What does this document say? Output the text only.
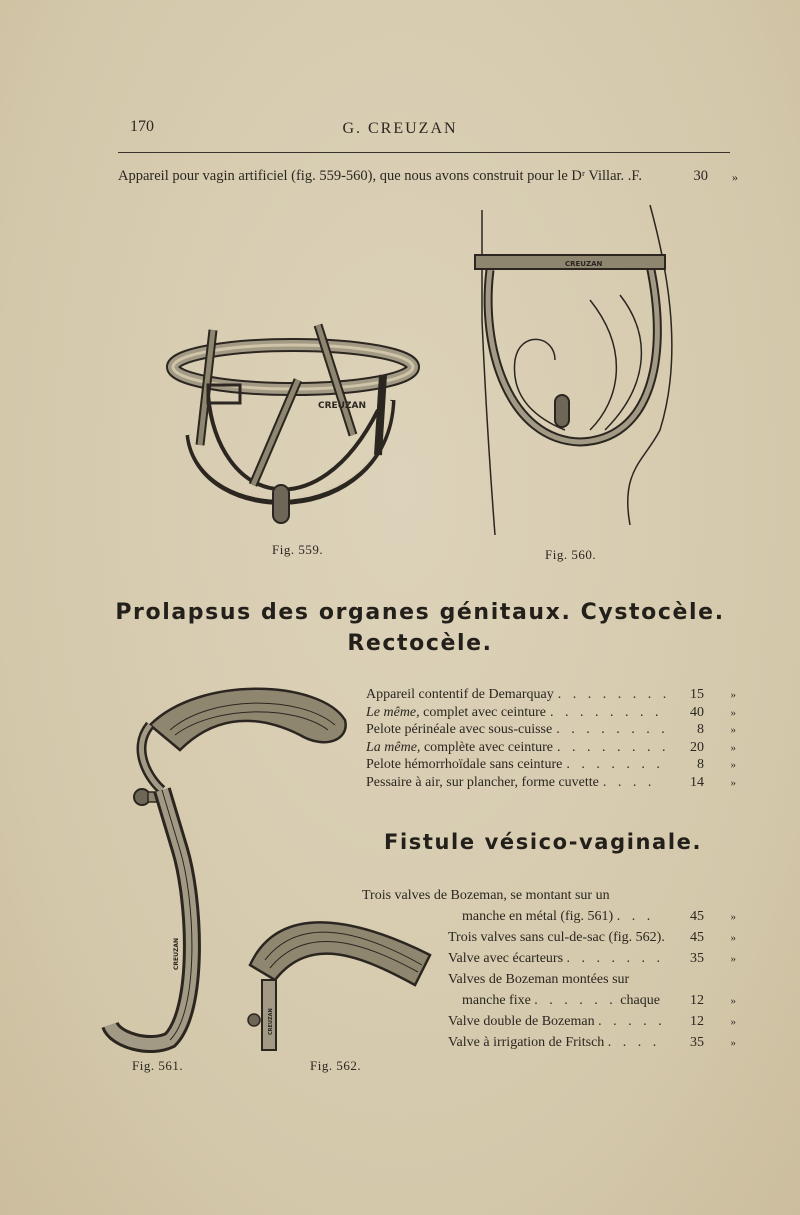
170	G. CREUZAN
Appareil pour vagin artificiel (fig. 559-560), que nous avons construit pour le Dʳ Villar. .F.	30	»
CREUZAN
Fig. 559.
CREUZAN
Fig. 560.
Prolapsus des organes génitaux. Cystocèle.
Rectocèle.
Appareil contentif de Demarquay . . . . . . . .	15	»
Le même, complet avec ceinture . . . . . . . .	40	»
Pelote périnéale avec sous-cuisse . . . . . . . .	8	»
La même, complète avec ceinture . . . . . . . .	20	»
Pelote hémorrhoïdale sans ceinture . . . . . . .	8	»
Pessaire à air, sur plancher, forme cuvette . . . .	14	»
CREUZAN
Fig. 561.
CREUZAN
Fig. 562.
Fistule vésico-vaginale.
Trois valves de Bozeman, se montant sur un
manche en métal (fig. 561) . . .	45	»
Trois valves sans cul-de-sac (fig. 562).	45	»
Valve avec écarteurs . . . . . . .	35	»
Valves de Bozeman montées sur
manche fixe . . . . . . chaque	12	»
Valve double de Bozeman . . . . .	12	»
Valve à irrigation de Fritsch . . . .	35	»
